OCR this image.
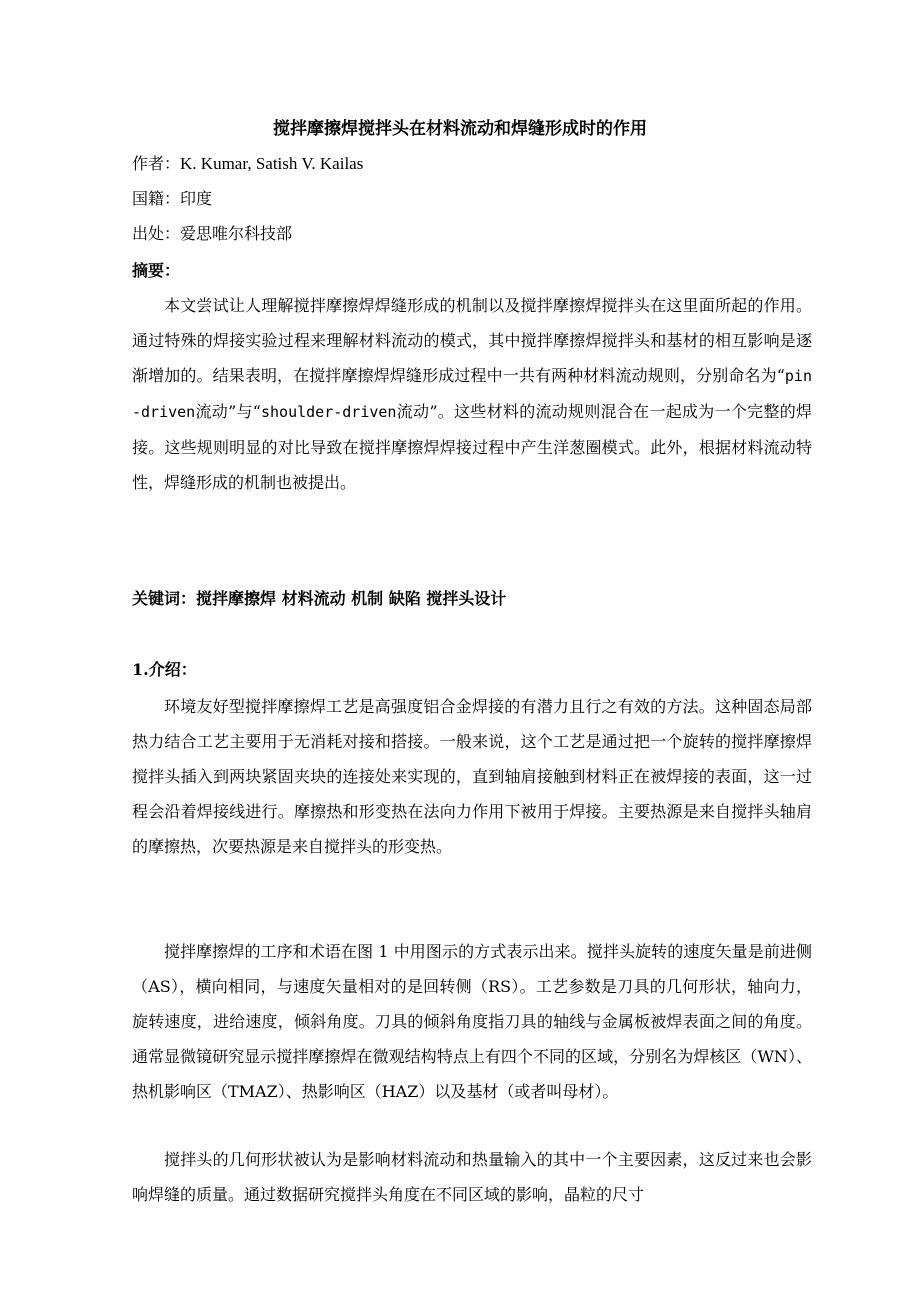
搅拌摩擦焊搅拌头在材料流动和焊缝形成时的作用
作者：K. Kumar, Satish V. Kailas
国籍：印度
出处：爱思唯尔科技部
摘要：

本文尝试让人理解搅拌摩擦焊焊缝形成的机制以及搅拌摩擦焊搅拌头在这里面所起的作用。通过特殊的焊接实验过程来理解材料流动的模式，其中搅拌摩擦焊搅拌头和基材的相互影响是逐渐增加的。结果表明，在搅拌摩擦焊焊缝形成过程中一共有两种材料流动规则，分别命名为“pin-driven流动”与“shoulder-driven流动”。这些材料的流动规则混合在一起成为一个完整的焊接。这些规则明显的对比导致在搅拌摩擦焊焊接过程中产生洋葱圈模式。此外，根据材料流动特性，焊缝形成的机制也被提出。

关键词：搅拌摩擦焊 材料流动 机制 缺陷 搅拌头设计
1.介绍：

环境友好型搅拌摩擦焊工艺是高强度铝合金焊接的有潜力且行之有效的方法。这种固态局部热力结合工艺主要用于无消耗对接和搭接。一般来说，这个工艺是通过把一个旋转的搅拌摩擦焊搅拌头插入到两块紧固夹块的连接处来实现的，直到轴肩接触到材料正在被焊接的表面，这一过程会沿着焊接线进行。摩擦热和形变热在法向力作用下被用于焊接。主要热源是来自搅拌头轴肩的摩擦热，次要热源是来自搅拌头的形变热。

搅拌摩擦焊的工序和术语在图 1 中用图示的方式表示出来。搅拌头旋转的速度矢量是前进侧（AS），横向相同，与速度矢量相对的是回转侧（RS）。工艺参数是刀具的几何形状，轴向力，旋转速度，进给速度，倾斜角度。刀具的倾斜角度指刀具的轴线与金属板被焊表面之间的角度。通常显微镜研究显示搅拌摩擦焊在微观结构特点上有四个不同的区域，分别名为焊核区（WN）、热机影响区（TMAZ）、热影响区（HAZ）以及基材（或者叫母材）。

搅拌头的几何形状被认为是影响材料流动和热量输入的其中一个主要因素，这反过来也会影响焊缝的质量。通过数据研究搅拌头角度在不同区域的影响，晶粒的尺寸
